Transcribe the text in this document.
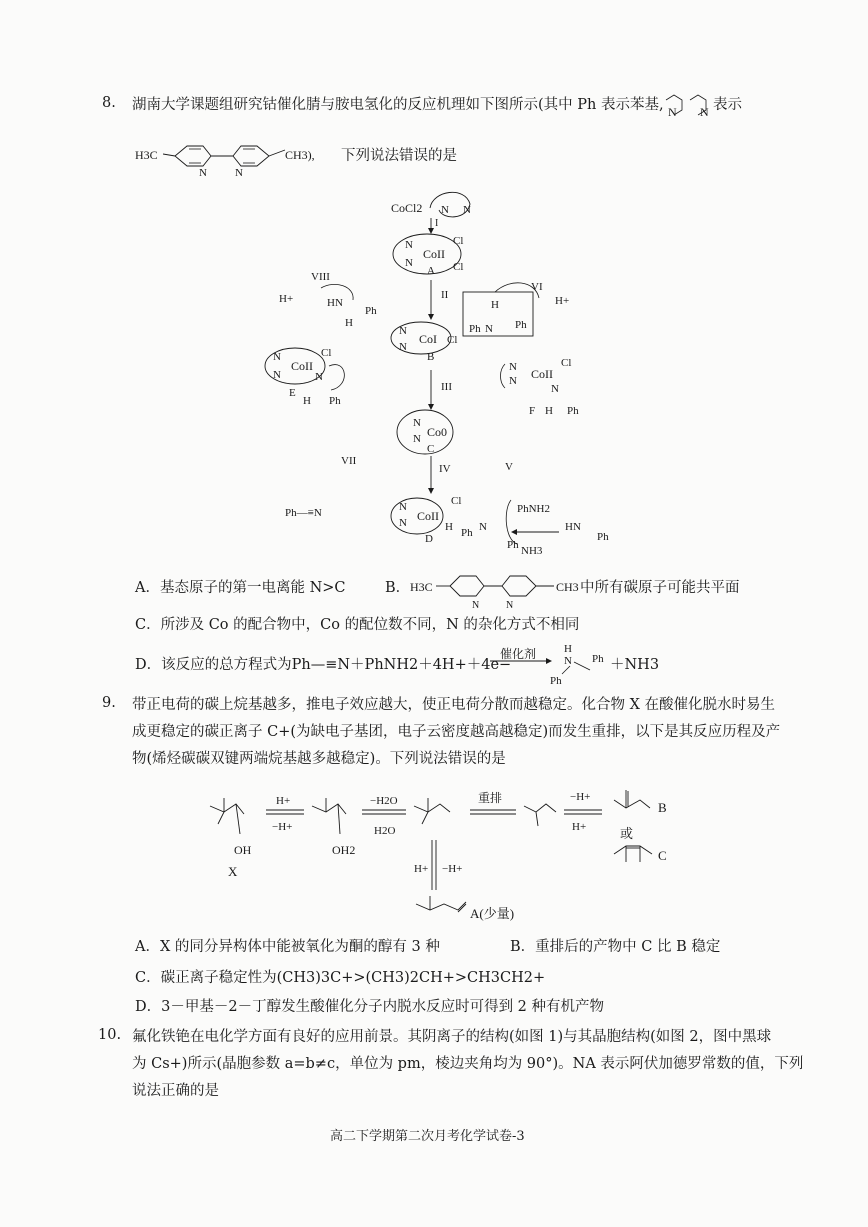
8. 湖南大学课题组研究钴催化腈与胺电氢化的反应机理如下图所示(其中 Ph 表示苯基, N N 表示
H3C
N	N
CH3), 下列说法错误的是
CoCl2 N N
I
N
N
CoII
Cl
Cl
A
II
N
N
CoI Cl
B
VIII
H+	H N
H
Ph	H
Ph N Ph
VI
H+
N
N
CoII
Cl
N
E
H Ph
N
N CoII
Cl
N
F H Ph
III
N
N Co0
C
VII	V
IV
Ph—≡N	N
N CoII
Cl
H
D	Ph N
Ph NH3
PhNH2
H N
Ph
A．基态原子的第一电离能 N>C	B． H3C
N	N
CH3 中所有碳原子可能共平面
C．所涉及 Co 的配合物中，Co 的配位数不同，N 的杂化方式不相同
D．该反应的总方程式为Ph—≡N＋PhNH2＋4H+＋4e−
催化剂	H
N Ph
Ph
＋NH3
9. 带正电荷的碳上烷基越多，推电子效应越大，使正电荷分散而越稳定。化合物 X 在酸催化脱水时易生
成更稳定的碳正离子 C+(为缺电子基团，电子云密度越高越稳定)而发生重排，以下是其反应历程及产
物(烯烃碳碳双键两端烷基越多越稳定)。下列说法错误的是
OH
X
H+
−H+
OH2
−H2O
H2O
重排	−H+
H+
B
或
C
H+ −H+
A(少量)
A．X 的同分异构体中能被氧化为酮的醇有 3 种	B．重排后的产物中 C 比 B 稳定
C．碳正离子稳定性为(CH3)3C+>(CH3)2CH+>CH3CH2+
D．3－甲基－2－丁醇发生酸催化分子内脱水反应时可得到 2 种有机产物
10. 氟化铁铯在电化学方面有良好的应用前景。其阴离子的结构(如图 1)与其晶胞结构(如图 2，图中黑球
为 Cs+)所示(晶胞参数 a=b≠c，单位为 pm，棱边夹角均为 90°)。NA 表示阿伏加德罗常数的值，下列
说法正确的是
高二下学期第二次月考化学试卷-3
